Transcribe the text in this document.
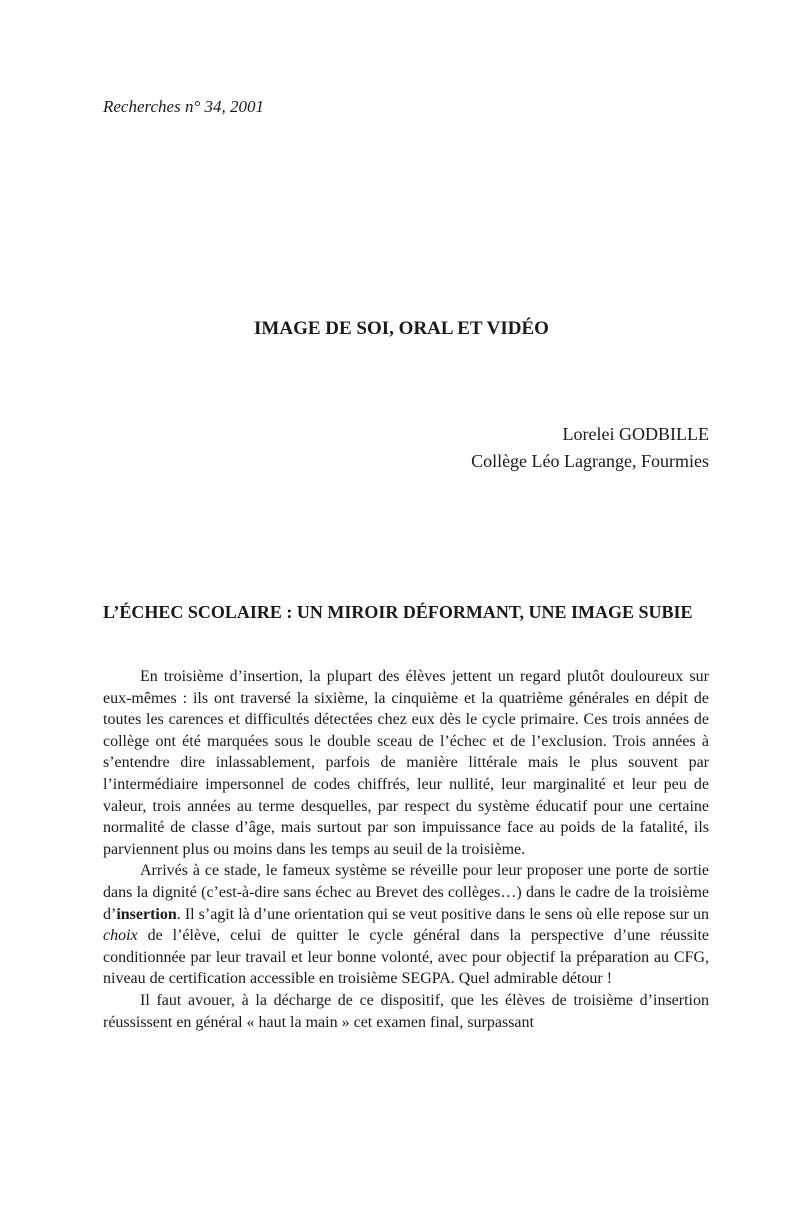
Recherches n° 34, 2001

IMAGE DE SOI, ORAL ET VIDÉO
Lorelei GODBILLE
Collège Léo Lagrange, Fourmies
L’ÉCHEC SCOLAIRE : UN MIROIR DÉFORMANT, UNE IMAGE SUBIE

En troisième d’insertion, la plupart des élèves jettent un regard plutôt douloureux sur eux-mêmes : ils ont traversé la sixième, la cinquième et la quatrième générales en dépit de toutes les carences et difficultés détectées chez eux dès le cycle primaire. Ces trois années de collège ont été marquées sous le double sceau de l’échec et de l’exclusion. Trois années à s’entendre dire inlassablement, parfois de manière littérale mais le plus souvent par l’intermédiaire impersonnel de codes chiffrés, leur nullité, leur marginalité et leur peu de valeur, trois années au terme desquelles, par respect du système éducatif pour une certaine normalité de classe d’âge, mais surtout par son impuissance face au poids de la fatalité, ils parviennent plus ou moins dans les temps au seuil de la troisième.

Arrivés à ce stade, le fameux système se réveille pour leur proposer une porte de sortie dans la dignité (c’est-à-dire sans échec au Brevet des collèges…) dans le cadre de la troisième d’insertion. Il s’agit là d’une orientation qui se veut positive dans le sens où elle repose sur un choix de l’élève, celui de quitter le cycle général dans la perspective d’une réussite conditionnée par leur travail et leur bonne volonté, avec pour objectif la préparation au CFG, niveau de certification accessible en troisième SEGPA. Quel admirable détour !

Il faut avouer, à la décharge de ce dispositif, que les élèves de troisième d’insertion réussissent en général « haut la main » cet examen final, surpassant
